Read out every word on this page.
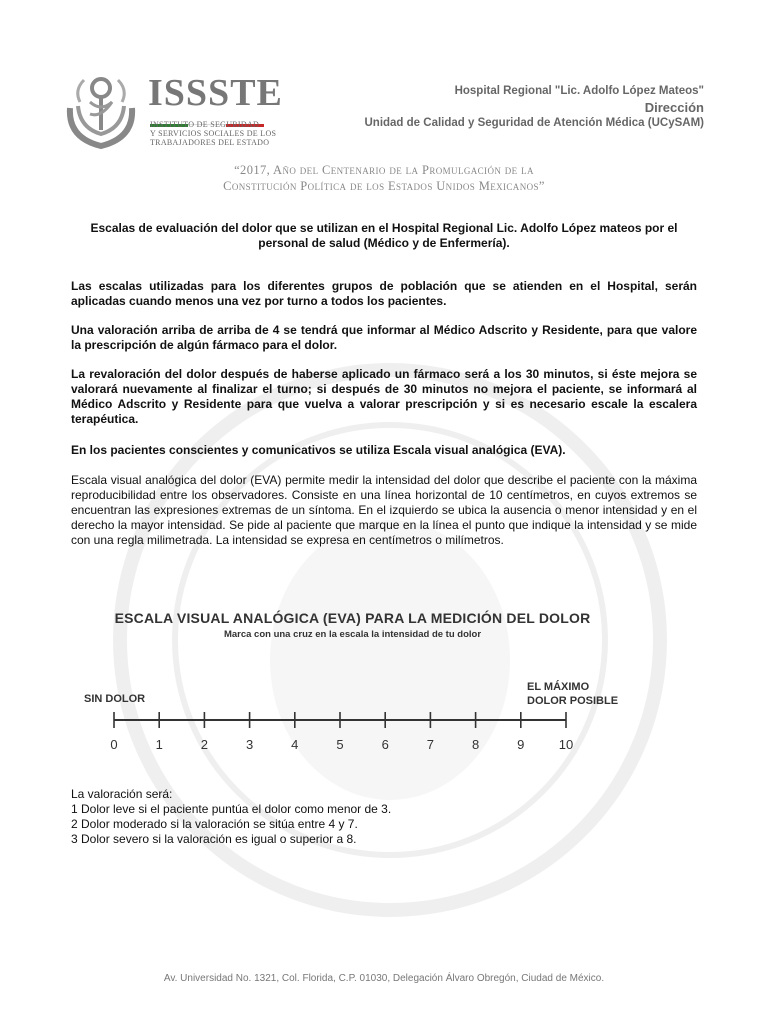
ISSSTE
INSTITUTO DE SEGURIDAD
Y SERVICIOS SOCIALES DE LOS
TRABAJADORES DEL ESTADO
Hospital Regional "Lic. Adolfo López Mateos"
Dirección
Unidad de Calidad y Seguridad de Atención Médica (UCySAM)
“2017, Año del Centenario de la Promulgación de la
Constitución Política de los Estados Unidos Mexicanos”
Escalas de evaluación del dolor que se utilizan en el Hospital Regional Lic. Adolfo López mateos por el personal de salud (Médico y de Enfermería).
Las escalas utilizadas para los diferentes grupos de población que se atienden en el Hospital, serán aplicadas cuando menos una vez por turno a todos los pacientes.
Una valoración arriba de arriba de 4 se tendrá que informar al Médico Adscrito y Residente, para que valore la prescripción de algún fármaco para el dolor.
La revaloración del dolor después de haberse aplicado un fármaco será a los 30 minutos, si éste mejora se valorará nuevamente al finalizar el turno; si después de 30 minutos no mejora el paciente, se informará al Médico Adscrito y Residente para que vuelva a valorar prescripción y si es necesario escale la escalera terapéutica.
En los pacientes conscientes y comunicativos se utiliza Escala visual analógica (EVA).
Escala visual analógica del dolor (EVA) permite medir la intensidad del dolor que describe el paciente con la máxima reproducibilidad entre los observadores. Consiste en una línea horizontal de 10 centímetros, en cuyos extremos se encuentran las expresiones extremas de un síntoma. En el izquierdo se ubica la ausencia o menor intensidad y en el derecho la mayor intensidad. Se pide al paciente que marque en la línea el punto que indique la intensidad y se mide con una regla milimetrada. La intensidad se expresa en centímetros o milímetros.
ESCALA VISUAL ANALÓGICA (EVA) PARA LA MEDICIÓN DEL DOLOR
Marca con una cruz en la escala la intensidad de tu dolor
SIN DOLOR
EL MÁXIMO
DOLOR POSIBLE
0	1	2	3	4	5	6	7	8	9	10
La valoración será:
1 Dolor leve si el paciente puntúa el dolor como menor de 3.
2 Dolor moderado si la valoración se sitúa entre 4 y 7.
3 Dolor severo si la valoración es igual o superior a 8.
Av. Universidad No. 1321, Col. Florida, C.P. 01030, Delegación Álvaro Obregón, Ciudad de México.
